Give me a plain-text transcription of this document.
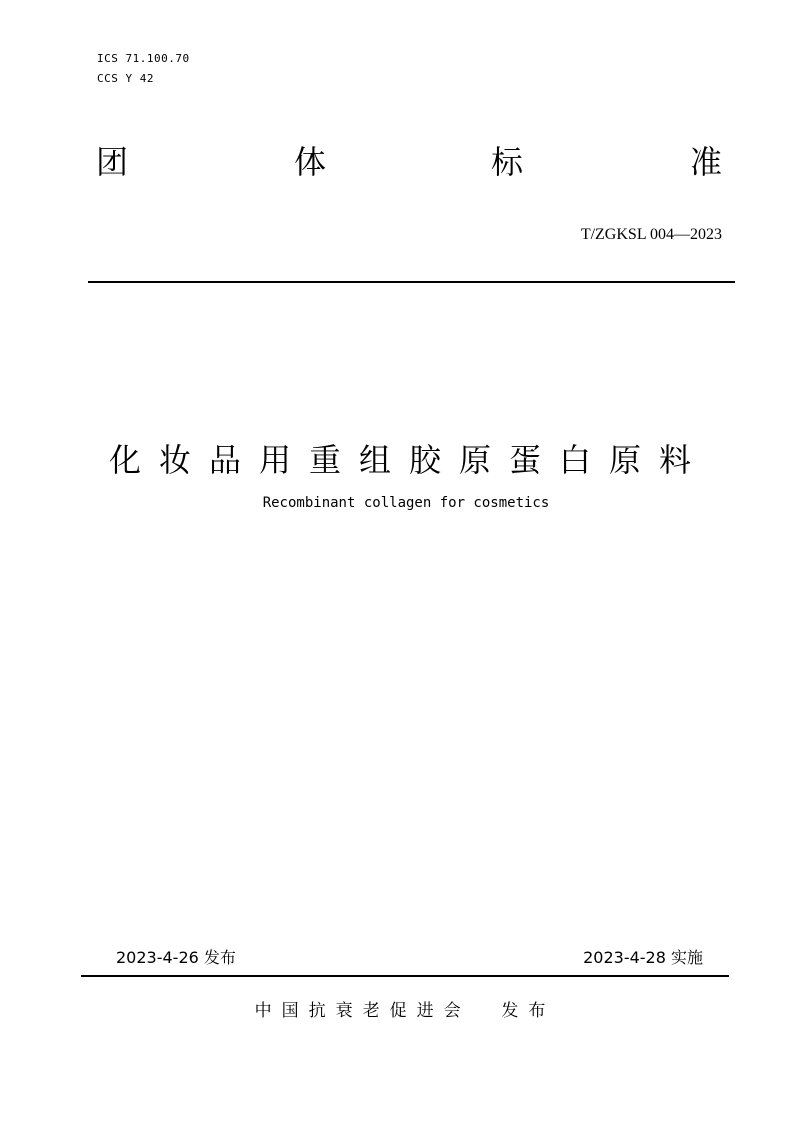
ICS 71.100.70
CCS Y 42
团	体	标	准
T/ZGKSL 004—2023
化妆品用重组胶原蛋白原料
Recombinant collagen for cosmetics
2023-4-26 发布	2023-4-28 实施
中国抗衰老促进会  发布
